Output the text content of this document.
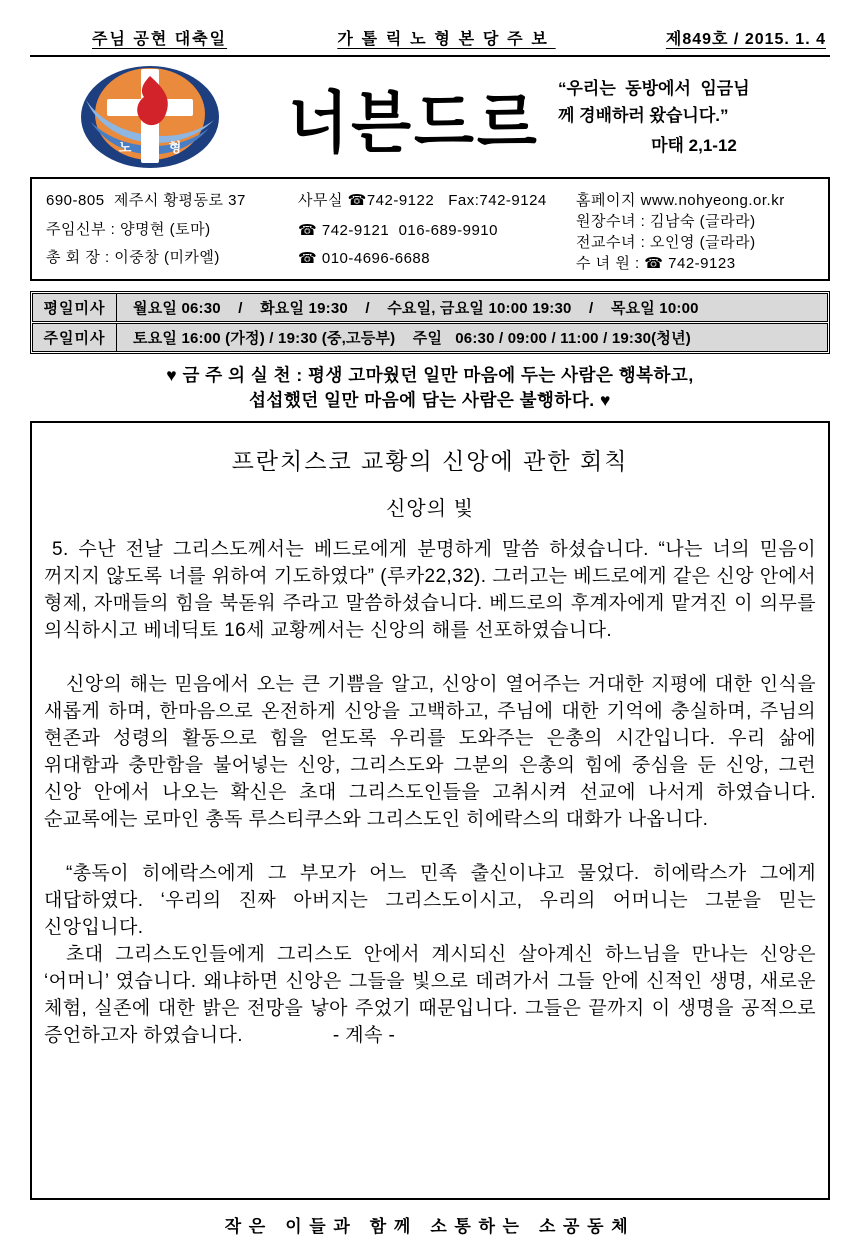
주님 공현 대축일	가톨릭노형본당주보	제849호 / 2015. 1. 4
노	형 너븐드르	“우리는  동방에서  임금님
께 경배하러 왔습니다.”
마태 2,1-12
690-805  제주시 황평동로 37
주임신부 : 양명현 (토마)
총 회 장 : 이중창 (미카엘)
사무실 ☎742-9122   Fax:742-9124
☎ 742-9121  016-689-9910
☎ 010-4696-6688
홈페이지 www.nohyeong.or.kr
원장수녀 : 김남숙 (글라라)
전교수녀 : 오인영 (글라라)
수 녀 원 : ☎ 742-9123
평일미사	월요일 06:30    /    화요일 19:30    /    수요일, 금요일 10:00 19:30    /    목요일 10:00
주일미사	토요일 16:00 (가정) / 19:30 (중,고등부)    주일   06:30 / 09:00 / 11:00 / 19:30(청년)
♥ 금 주 의 실 천 : 평생 고마웠던 일만 마음에 두는 사람은 행복하고,
섭섭했던 일만 마음에 담는 사람은 불행하다. ♥
프란치스코 교황의 신앙에 관한 회칙
신앙의 빛

5. 수난 전날 그리스도께서는 베드로에게 분명하게 말씀 하셨습니다. “나는 너의 믿음이 꺼지지 않도록 너를 위하여 기도하였다” (루카22,32). 그러고는 베드로에게 같은 신앙 안에서 형제, 자매들의 힘을 북돋워 주라고 말씀하셨습니다. 베드로의 후계자에게 맡겨진 이 의무를 의식하시고 베네딕토 16세 교황께서는 신앙의 해를 선포하였습니다.

신앙의 해는 믿음에서 오는 큰 기쁨을 알고, 신앙이 열어주는 거대한 지평에 대한 인식을 새롭게 하며, 한마음으로 온전하게 신앙을 고백하고, 주님에 대한 기억에 충실하며, 주님의 현존과 성령의 활동으로 힘을 얻도록 우리를 도와주는 은총의 시간입니다. 우리 삶에 위대함과 충만함을 불어넣는 신앙, 그리스도와 그분의 은총의 힘에 중심을 둔 신앙, 그런 신앙 안에서 나오는 확신은 초대 그리스도인들을 고취시켜 선교에 나서게 하였습니다. 순교록에는 로마인 총독 루스티쿠스와 그리스도인 히에락스의 대화가 나옵니다.

“총독이 히에락스에게 그 부모가 어느 민족 출신이냐고 물었다. 히에락스가 그에게 대답하였다. ‘우리의 진짜 아버지는 그리스도이시고, 우리의 어머니는 그분을 믿는 신앙입니다.

초대 그리스도인들에게 그리스도 안에서 계시되신 살아계신 하느님을 만나는 신앙은 ‘어머니’ 였습니다. 왜냐하면 신앙은 그들을 빛으로 데려가서 그들 안에 신적인 생명, 새로운 체험, 실존에 대한 밝은 전망을 낳아 주었기 때문입니다. 그들은 끝까지 이 생명을 공적으로 증언하고자 하였습니다.	- 계속 -

작은 이들과 함께 소통하는 소공동체
